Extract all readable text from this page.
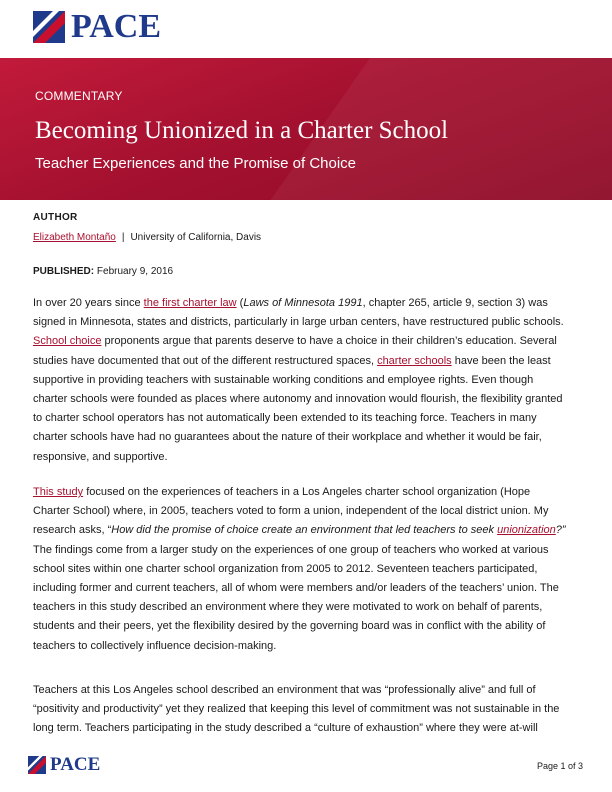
PACE
COMMENTARY
Becoming Unionized in a Charter School
Teacher Experiences and the Promise of Choice
AUTHOR
Elizabeth Montaño | University of California, Davis
PUBLISHED: February 9, 2016
In over 20 years since the first charter law (Laws of Minnesota 1991, chapter 265, article 9, section 3) was
signed in Minnesota, states and districts, particularly in large urban centers, have restructured public schools.
School choice proponents argue that parents deserve to have a choice in their children’s education. Several
studies have documented that out of the different restructured spaces, charter schools have been the least
supportive in providing teachers with sustainable working conditions and employee rights. Even though
charter schools were founded as places where autonomy and innovation would flourish, the flexibility granted
to charter school operators has not automatically been extended to its teaching force. Teachers in many
charter schools have had no guarantees about the nature of their workplace and whether it would be fair,
responsive, and supportive.
This study focused on the experiences of teachers in a Los Angeles charter school organization (Hope
Charter School) where, in 2005, teachers voted to form a union, independent of the local district union. My
research asks, “How did the promise of choice create an environment that led teachers to seek unionization?”
The findings come from a larger study on the experiences of one group of teachers who worked at various
school sites within one charter school organization from 2005 to 2012. Seventeen teachers participated,
including former and current teachers, all of whom were members and/or leaders of the teachers’ union. The
teachers in this study described an environment where they were motivated to work on behalf of parents,
students and their peers, yet the flexibility desired by the governing board was in conflict with the ability of
teachers to collectively influence decision-making.
Teachers at this Los Angeles school described an environment that was “professionally alive” and full of
“positivity and productivity” yet they realized that keeping this level of commitment was not sustainable in the
long term. Teachers participating in the study described a “culture of exhaustion” where they were at-will
PACE	Page 1 of 3
